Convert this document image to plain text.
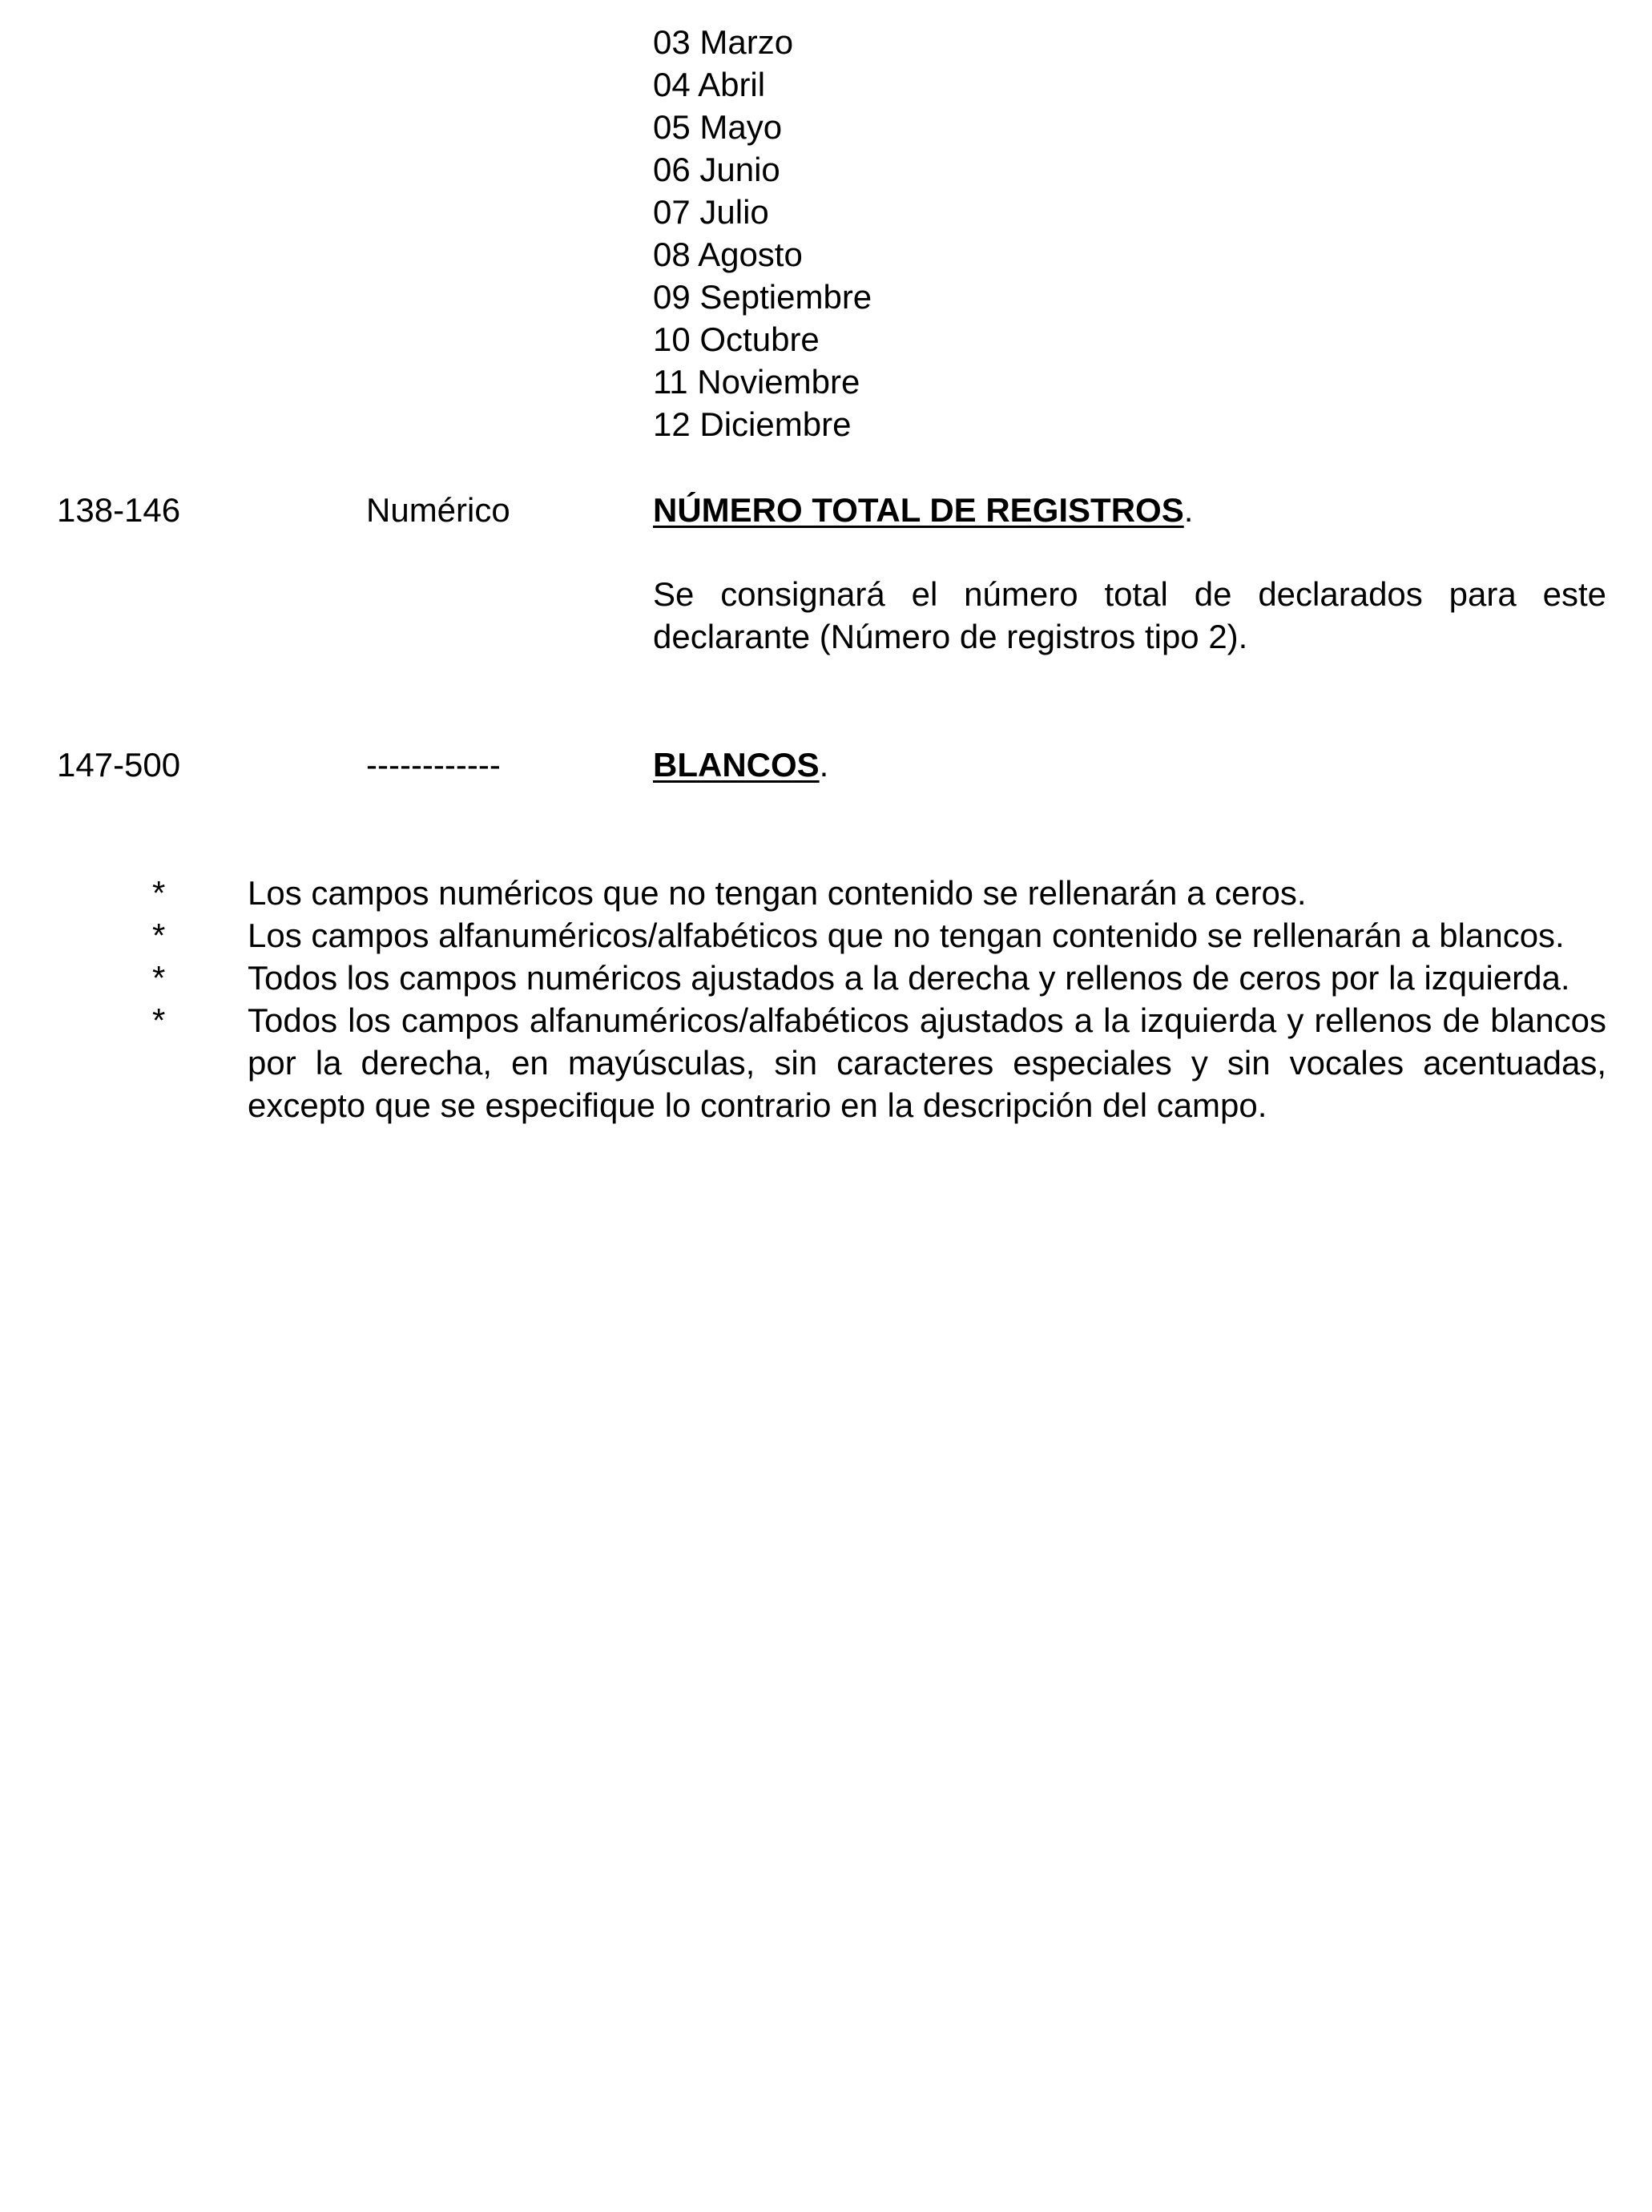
03 Marzo
04 Abril
05 Mayo
06 Junio
07 Julio
08 Agosto
09 Septiembre
10 Octubre
11 Noviembre
12 Diciembre
138-146	Numérico	NÚMERO TOTAL DE REGISTROS.
Se consignará el número total de declarados para este declarante (Número de registros tipo 2).
147-500	------------	BLANCOS.
* Los campos numéricos que no tengan contenido se rellenarán a ceros.
* Los campos alfanuméricos/alfabéticos que no tengan contenido se rellenarán a blancos.
* Todos los campos numéricos ajustados a la derecha y rellenos de ceros por la izquierda.
* Todos los campos alfanuméricos/alfabéticos ajustados a la izquierda y rellenos de blancos por la derecha, en mayúsculas, sin caracteres especiales y sin vocales acentuadas, excepto que se especifique lo contrario en la descripción del campo.
